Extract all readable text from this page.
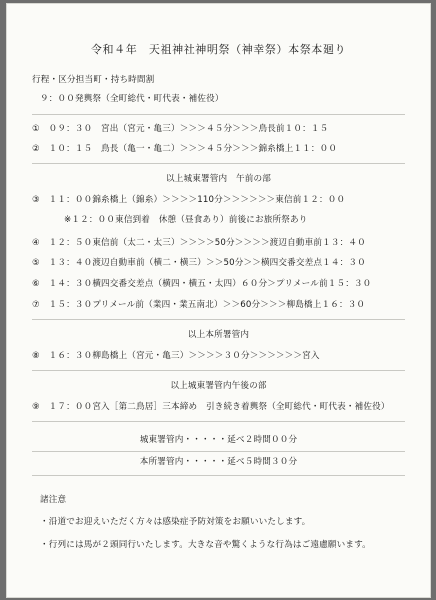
令和４年　天祖神社神明祭（神幸祭）本祭本廻り
行程・区分担当町・持ち時間割
９：００発輿祭（全町総代・町代表・補佐役）
①　０９：３０　宮出（宮元・亀三）＞＞＞４５分＞＞＞鳥長前１０：１５
②　１０：１５　鳥長（亀一・亀二）＞＞＞４５分＞＞＞錦糸橋上１１：００
以上城東署管内　午前の部
③　１１：００錦糸橋上（錦糸）＞＞＞＞110分＞＞＞＞＞＞東信前１２：００
※１２：００東信到着　休憩（昼食あり）前後にお旅所祭あり
④　１２：５０東信前（太二・太三）＞＞＞＞50分＞＞＞＞渡辺自動車前１３：４０
⑤　１３：４０渡辺自動車前（横二・横三）＞＞50分＞＞横四交番交差点１４：３０
⑥　１４：３０横四交番交差点（横四・横五・太四）６０分＞プリメール前１５：３０
⑦　１５：３０プリメール前（業四・業五南北）＞＞60分＞＞＞柳島橋上１６：３０
以上本所署管内
⑧　１６：３０柳島橋上（宮元・亀三）＞＞＞＞３０分＞＞＞＞＞＞宮入
以上城東署管内午後の部
⑨　１７：００宮入［第二鳥居］三本締め　引き続き着輿祭（全町総代・町代表・補佐役）
城東署管内・・・・・延べ２時間００分
本所署管内・・・・・延べ５時間３０分
諸注意
・沿道でお迎えいただく方々は感染症予防対策をお願いいたします。
・行列には馬が２頭同行いたします。大きな音や驚くような行為はご遠慮願います。
